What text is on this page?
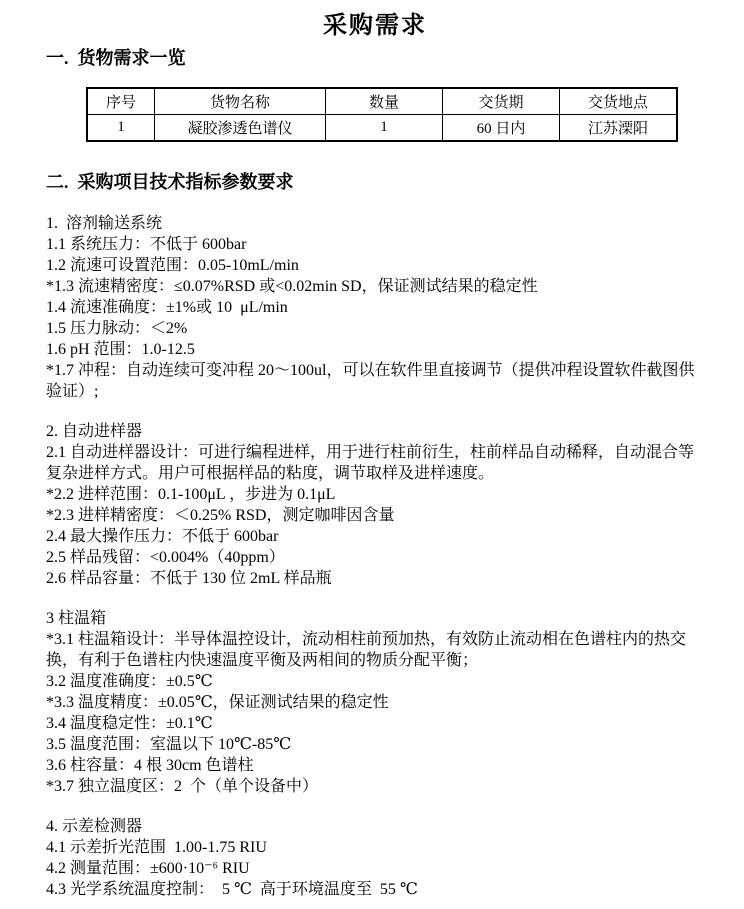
采购需求
一.  货物需求一览
序号	货物名称	数量	交货期	交货地点
1	凝胶渗透色谱仪	1	60 日内	江苏溧阳
二.  采购项目技术指标参数要求
1.  溶剂输送系统
1.1 系统压力：不低于 600bar
1.2 流速可设置范围：0.05-10mL/min
*1.3 流速精密度：≤0.07%RSD 或<0.02min SD，保证测试结果的稳定性
1.4 流速准确度：±1%或 10  μL/min
1.5 压力脉动：＜2%
1.6 pH 范围：1.0-12.5
*1.7 冲程：自动连续可变冲程 20～100ul，可以在软件里直接调节（提供冲程设置软件截图供
验证）;
2. 自动进样器
2.1 自动进样器设计：可进行编程进样，用于进行柱前衍生，柱前样品自动稀释，自动混合等
复杂进样方式。用户可根据样品的粘度，调节取样及进样速度。
*2.2 进样范围：0.1-100μL ，步进为 0.1μL
*2.3 进样精密度：＜0.25% RSD，测定咖啡因含量
2.4 最大操作压力：不低于 600bar
2.5 样品残留：<0.004%（40ppm）
2.6 样品容量：不低于 130 位 2mL 样品瓶
3 柱温箱
*3.1 柱温箱设计：半导体温控设计，流动相柱前预加热，有效防止流动相在色谱柱内的热交
换，有利于色谱柱内快速温度平衡及两相间的物质分配平衡；
3.2 温度准确度：±0.5℃
*3.3 温度精度：±0.05℃，保证测试结果的稳定性
3.4 温度稳定性：±0.1℃
3.5 温度范围：室温以下 10℃-85℃
3.6 柱容量：4 根 30cm 色谱柱
*3.7 独立温度区：2  个（单个设备中）
4. 示差检测器
4.1 示差折光范围  1.00-1.75 RIU
4.2 测量范围：±600·10⁻⁶ RIU
4.3 光学系统温度控制：  5 ℃  高于环境温度至  55 ℃
